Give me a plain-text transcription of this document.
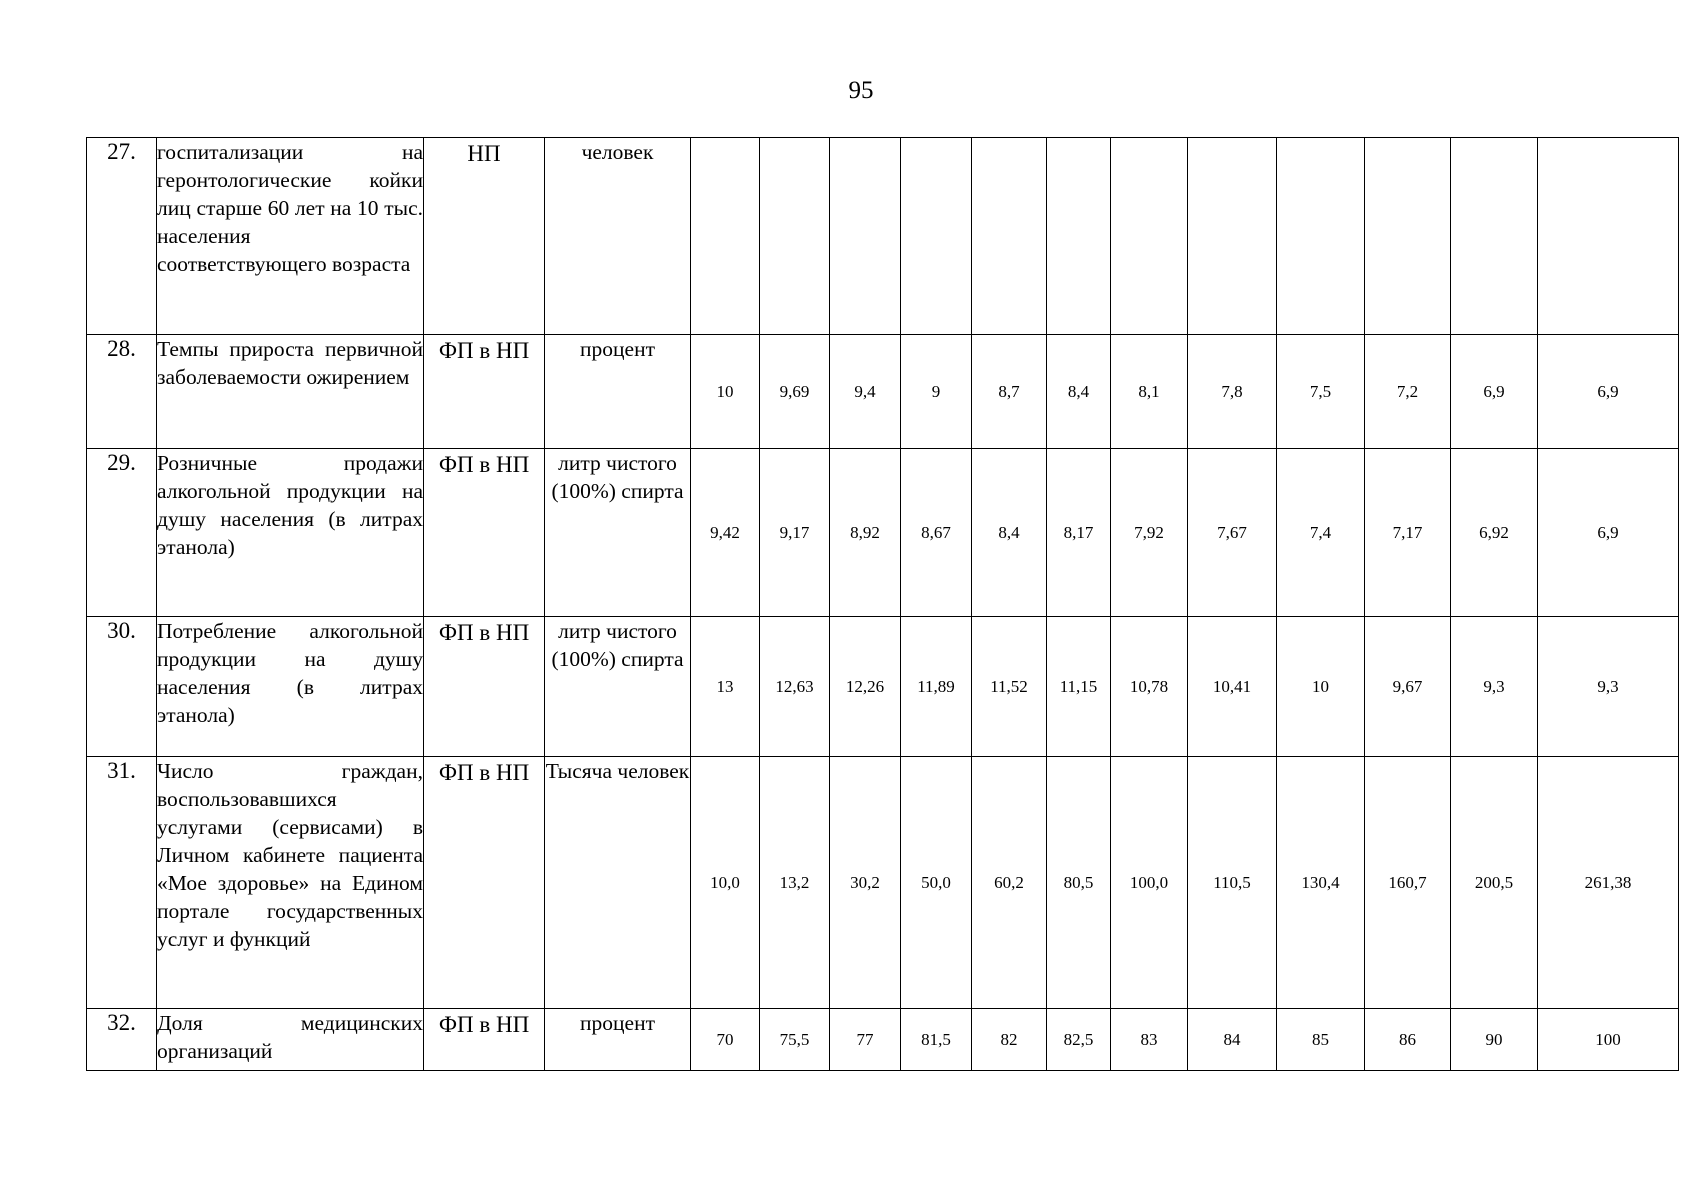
95
27.	госпитализации на геронтологические койки лиц старше 60 лет на 10 тыс. населения соответствующего возраста	НП	человек												
28.	Темпы прироста первичной заболеваемости ожирением	ФП в НП	процент	10	9,69	9,4	9	8,7	8,4	8,1	7,8	7,5	7,2	6,9	6,9
29.	Розничные продажи алкогольной продукции на душу населения (в литрах этанола)	ФП в НП	литр чистого (100%) спирта	9,42	9,17	8,92	8,67	8,4	8,17	7,92	7,67	7,4	7,17	6,92	6,9
30.	Потребление алкогольной продукции на душу населения (в литрах этанола)	ФП в НП	литр чистого (100%) спирта	13	12,63	12,26	11,89	11,52	11,15	10,78	10,41	10	9,67	9,3	9,3
31.	Число граждан, воспользовавшихся услугами (сервисами) в Личном кабинете пациента «Мое здоровье» на Едином портале государственных услуг и функций	ФП в НП	Тысяча человек	10,0	13,2	30,2	50,0	60,2	80,5	100,0	110,5	130,4	160,7	200,5	261,38
32.	Доля медицинских организаций	ФП в НП	процент	70	75,5	77	81,5	82	82,5	83	84	85	86	90	100
